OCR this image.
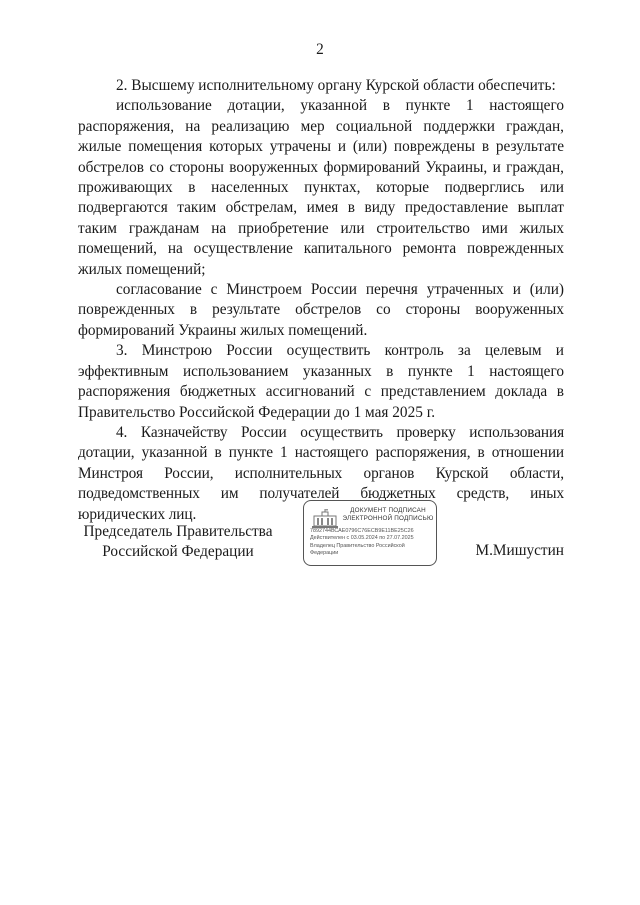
2

2. Высшему исполнительному органу Курской области обеспечить:

использование дотации, указанной в пункте 1 настоящего распоряжения, на реализацию мер социальной поддержки граждан, жилые помещения которых утрачены и (или) повреждены в результате обстрелов со стороны вооруженных формирований Украины, и граждан, проживающих в населенных пунктах, которые подверглись или подвергаются таким обстрелам, имея в виду предоставление выплат таким гражданам на приобретение или строительство ими жилых помещений, на осуществление капитального ремонта поврежденных жилых помещений;

согласование с Минстроем России перечня утраченных и (или) поврежденных в результате обстрелов со стороны вооруженных формирований Украины жилых помещений.

3. Минстрою России осуществить контроль за целевым и эффективным использованием указанных в пункте 1 настоящего распоряжения бюджетных ассигнований с представлением доклада в Правительство Российской Федерации до 1 мая 2025 г.

4. Казначейству России осуществить проверку использования дотации, указанной в пункте 1 настоящего распоряжения, в отношении Минстроя России, исполнительных органов Курской области, подведомственных им получателей бюджетных средств, иных юридических лиц.

Председатель Правительства
Российской Федерации
ДОКУМЕНТ ПОДПИСАН
ЭЛЕКТРОННОЙ ПОДПИСЬЮ
7892744ВСАЕ0796С76ЕСВ9Е11ВЕ25С26
Действителен с 03.05.2024 по 27.07.2025
Владелец Правительство Российской
Федерации	М.Мишустин
